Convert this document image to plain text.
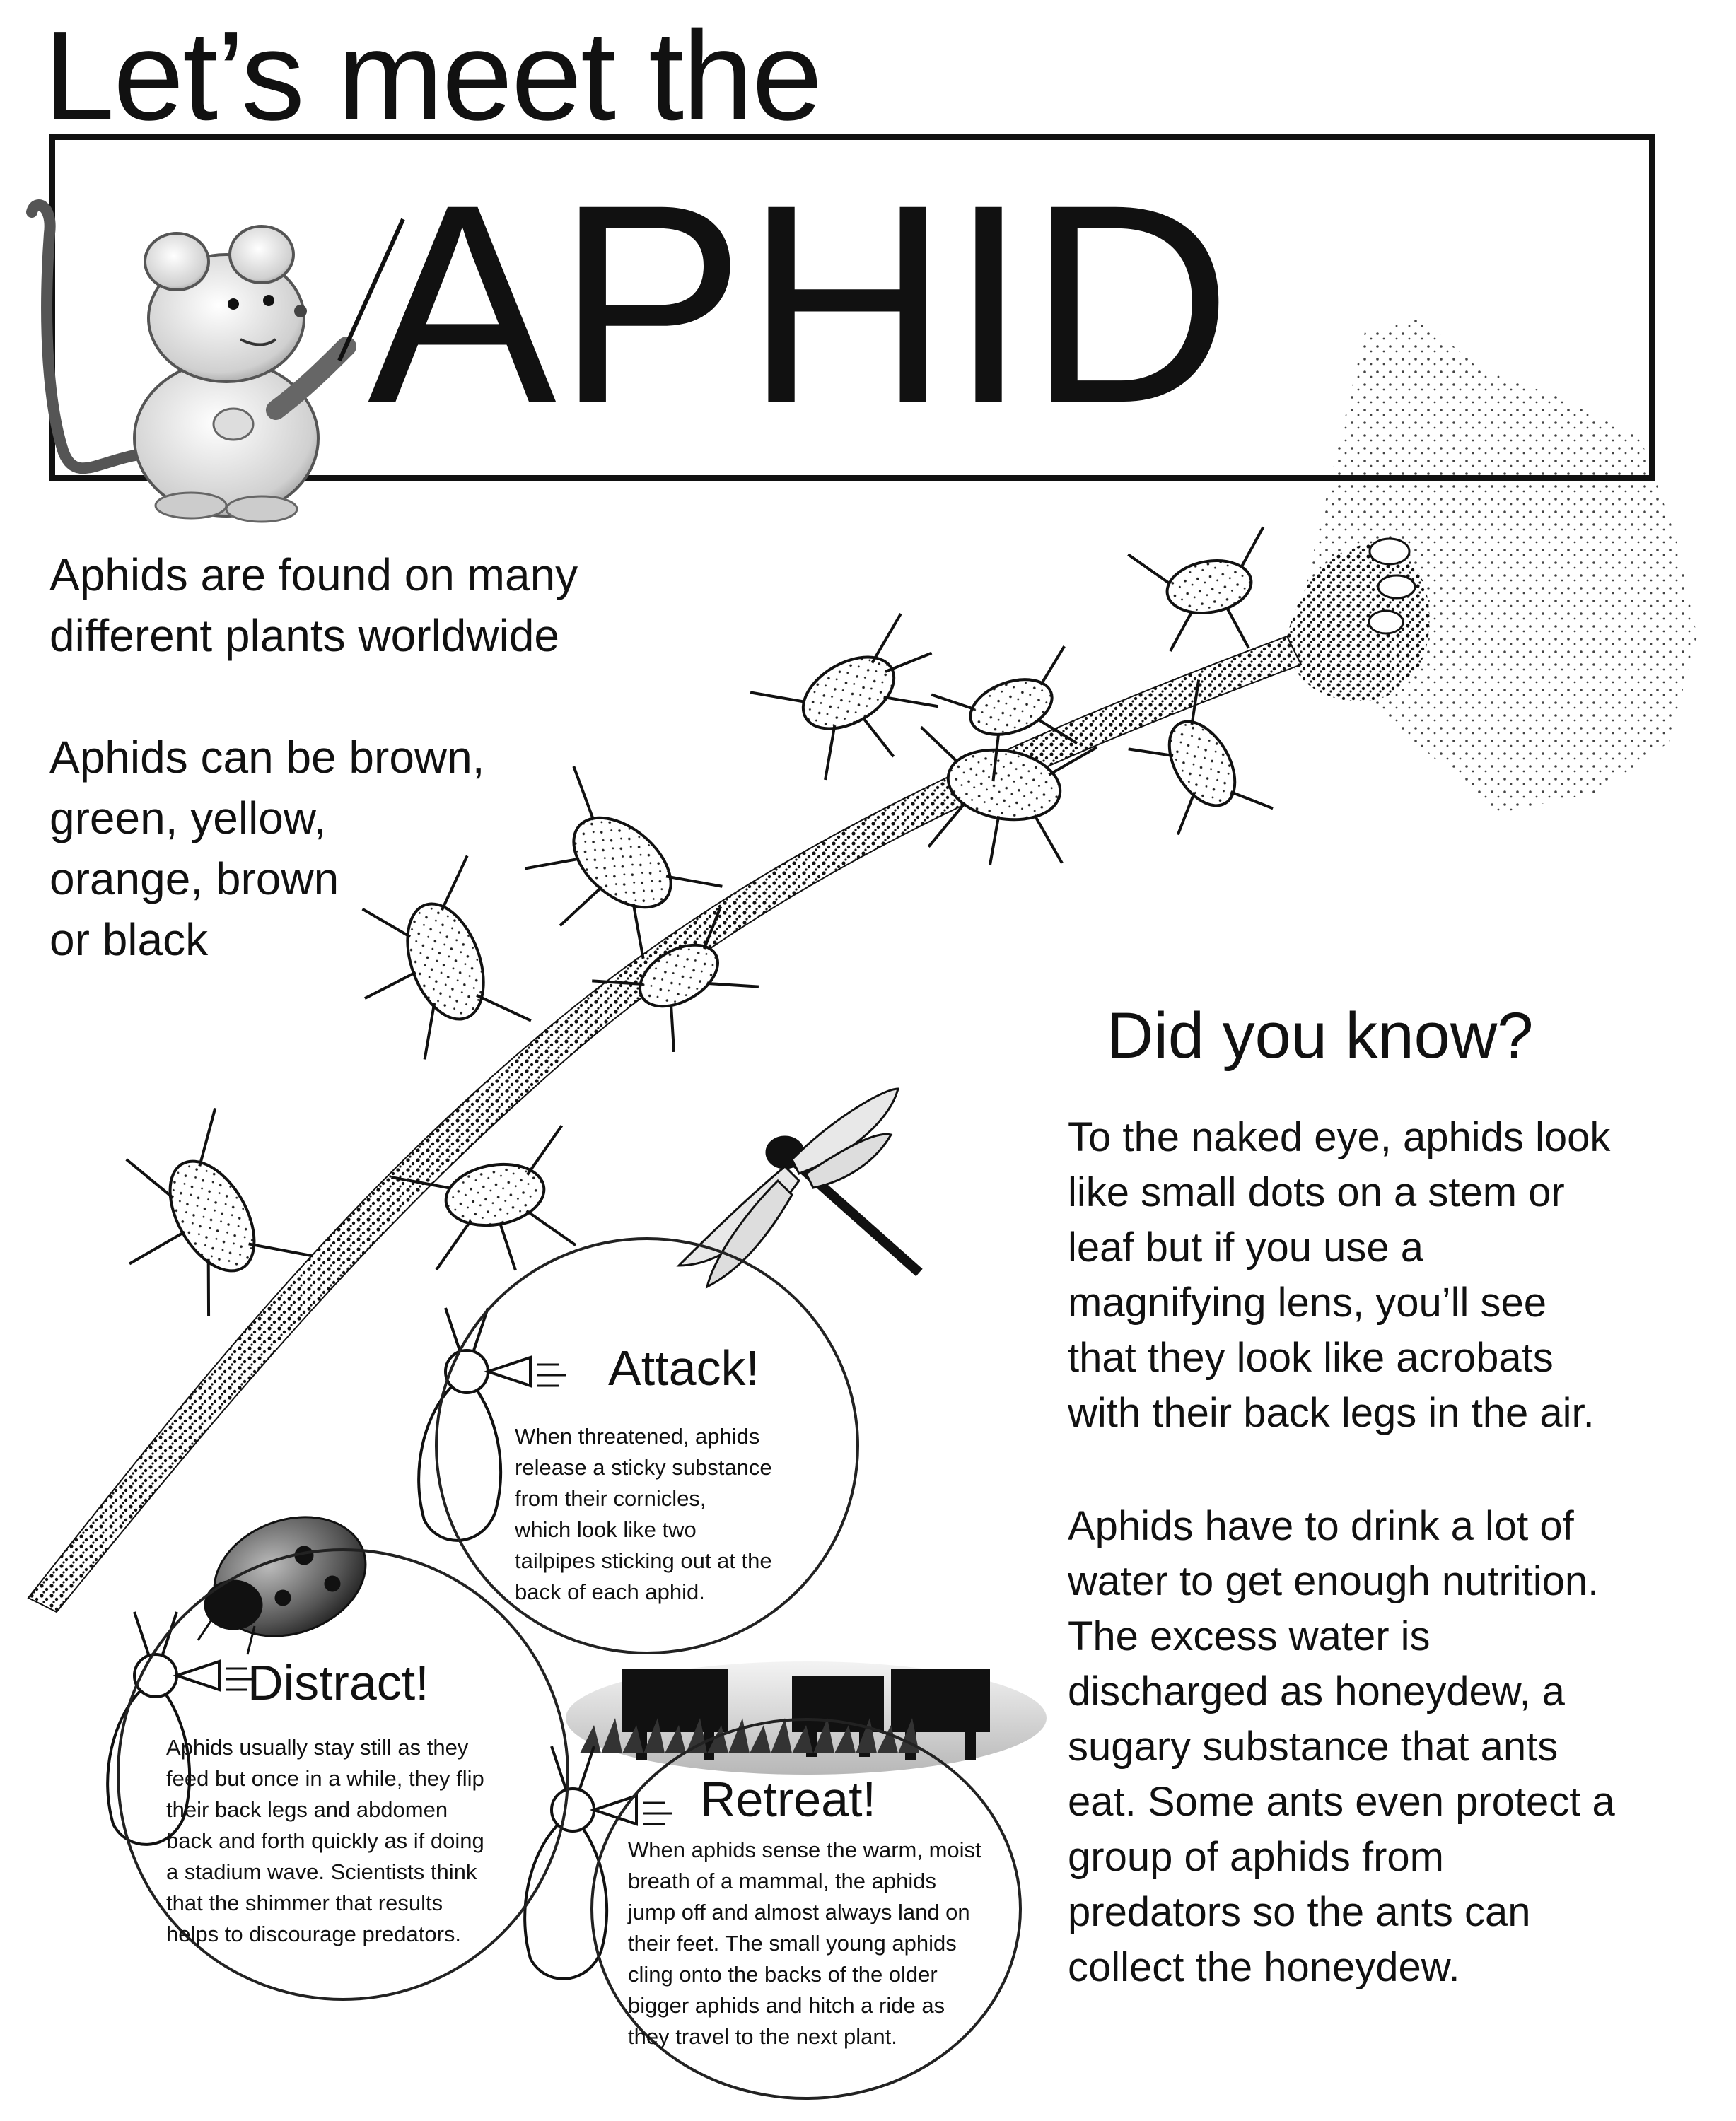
Let’s meet the
APHID

Aphids are found on many
different plants worldwide

Aphids can be brown,
green, yellow,
orange, brown
or black

Did you know?
To the naked eye, aphids look
like small dots on a stem or
leaf but if you use a
magnifying lens, you’ll see
that they look like acrobats
with their back legs in the air.
Aphids have to drink a lot of
water to get enough nutrition.
The excess water is
discharged as honeydew, a
sugary substance that ants
eat. Some ants even protect a
group of aphids from
predators so the ants can
collect the honeydew.
Attack!
When threatened, aphids
release a sticky substance
from their cornicles,
which look like two
tailpipes sticking out at the
back of each aphid.
Distract!
Aphids usually stay still as they
feed but once in a while, they flip
their back legs and abdomen
back and forth quickly as if doing
a stadium wave. Scientists think
that the shimmer that results
helps to discourage predators.
Retreat!
When aphids sense the warm, moist
breath of a mammal, the aphids
jump off and almost always land on
their feet. The small young aphids
cling onto the backs of the older
bigger aphids and hitch a ride as
they travel to the next plant.
